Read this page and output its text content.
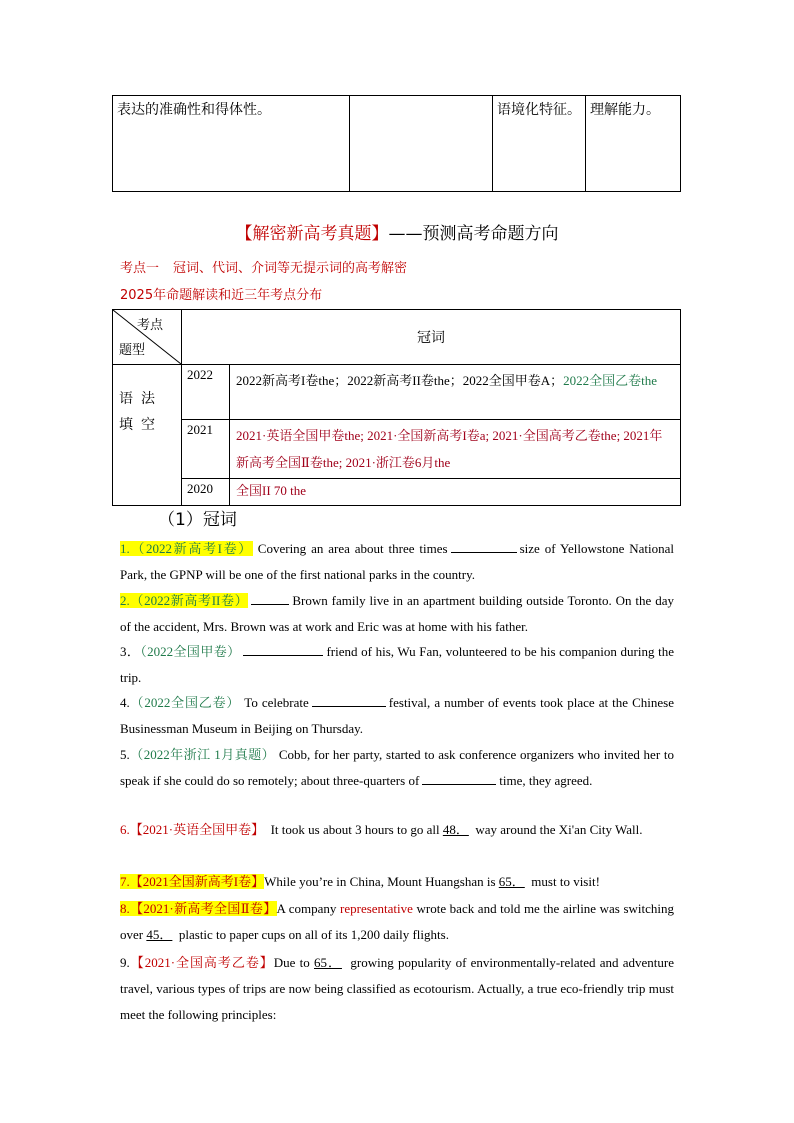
表达的准确性和得体性。		语境化特征。	理解能力。
【解密新高考真题】——预测高考命题方向
考点一 冠词、代词、介词等无提示词的高考解密
2025年命题解读和近三年考点分布
考点
题型	冠词	
语法填空	2022	2022新高考I卷the；2022新高考II卷the；2022全国甲卷A；2022全国乙卷the
	2021	2021·英语全国甲卷the; 2021·全国新高考I卷a; 2021·全国高考乙卷the; 2021年新高考全国Ⅱ卷the; 2021·浙江卷6月the
	2020	全国II 70 the
（1）冠词
1.（2022新高考I卷） Covering an area about three times	size of Yellowstone National Park, the GPNP will be one of the first national parks in the country.
2.（2022新高考II卷）	Brown family live in an apartment building outside Toronto. On the day of the accident, Mrs. Brown was at work and Eric was at home with his father.
3．（2022全国甲卷）	friend of his, Wu Fan, volunteered to be his companion during the trip.
4.（2022全国乙卷） To celebrate	festival, a number of events took place at the Chinese Businessman Museum in Beijing on Thursday.
5.（2022年浙江 1月真题） Cobb, for her party, started to ask conference organizers who invited her to speak if she could do so remotely; about three-quarters of	time, they agreed.
6.【2021·英语全国甲卷】 It took us about 3 hours to go all 48． way around the Xi'an City Wall.
7.【2021全国新高考I卷】While you’re in China, Mount Huangshan is 65． must to visit!
8.【2021·新高考全国Ⅱ卷】A company representative wrote back and told me the airline was switching over 45． plastic to paper cups on all of its 1,200 daily flights.
9.【2021·全国高考乙卷】Due to 65． growing popularity of environmentally-related and adventure travel, various types of trips are now being classified as ecotourism. Actually, a true eco-friendly trip must meet the following principles:
